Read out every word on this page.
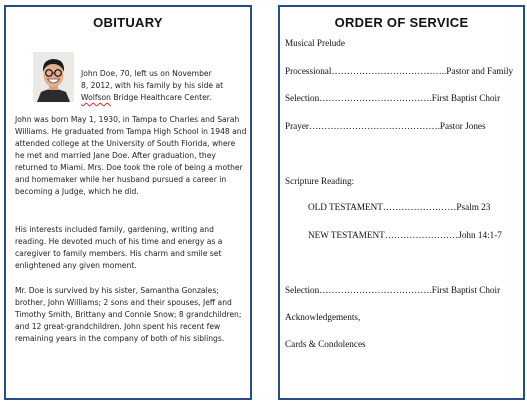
OBITUARY
John Doe, 70, left us on November
8, 2012, with his family by his side at
Wolfson Bridge Healthcare Center.
John was born May 1, 1930, in Tampa to Charles and Sarah Williams. He graduated from Tampa High School in 1948 and attended college at the University of South Florida, where he met and married Jane Doe. After graduation, they returned to Miami. Mrs. Doe took the role of being a mother and homemaker while her husband pursued a career in becoming a Judge, which he did.
His interests included family, gardening, writing and reading. He devoted much of his time and energy as a caregiver to family members. His charm and smile set enlightened any given moment.
Mr. Doe is survived by his sister, Samantha Gonzales; brother, John Williams; 2 sons and their spouses, Jeff and Timothy Smith, Brittany and Connie Snow; 8 grandchildren; and 12 great-grandchildren. John spent his recent few remaining years in the company of both of his siblings.
ORDER OF SERVICE
Musical Prelude
Processional………………………………..Pastor and Family
Selection……………………………….First Baptist Choir
Prayer…………………………………….Pastor Jones
Scripture Reading:
OLD TESTAMENT……………………Psalm 23
NEW TESTAMENT……………………John 14:1-7
Selection……………………………….First Baptist Choir
Acknowledgements,
Cards & Condolences
